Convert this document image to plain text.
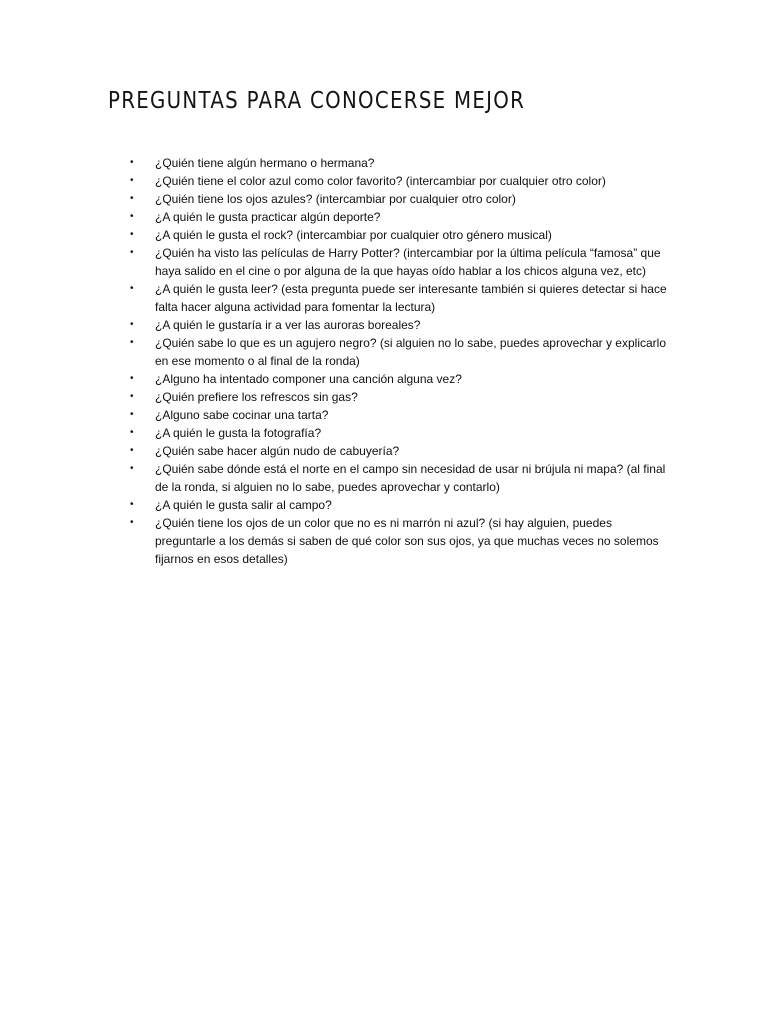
PREGUNTAS PARA CONOCERSE MEJOR
• ¿Quién tiene algún hermano o hermana?
• ¿Quién tiene el color azul como color favorito? (intercambiar por cualquier otro color)
• ¿Quién tiene los ojos azules? (intercambiar por cualquier otro color)
• ¿A quién le gusta practicar algún deporte?
• ¿A quién le gusta el rock? (intercambiar por cualquier otro género musical)
• ¿Quién ha visto las películas de Harry Potter? (intercambiar por la última película “famosa” que haya salido en el cine o por alguna de la que hayas oído hablar a los chicos alguna vez, etc)
• ¿A quién le gusta leer? (esta pregunta puede ser interesante también si quieres detectar si hace falta hacer alguna actividad para fomentar la lectura)
• ¿A quién le gustaría ir a ver las auroras boreales?
• ¿Quién sabe lo que es un agujero negro? (si alguien no lo sabe, puedes aprovechar y explicarlo en ese momento o al final de la ronda)
• ¿Alguno ha intentado componer una canción alguna vez?
• ¿Quién prefiere los refrescos sin gas?
• ¿Alguno sabe cocinar una tarta?
• ¿A quién le gusta la fotografía?
• ¿Quién sabe hacer algún nudo de cabuyería?
• ¿Quién sabe dónde está el norte en el campo sin necesidad de usar ni brújula ni mapa? (al final de la ronda, si alguien no lo sabe, puedes aprovechar y contarlo)
• ¿A quién le gusta salir al campo?
• ¿Quién tiene los ojos de un color que no es ni marrón ni azul? (si hay alguien, puedes preguntarle a los demás si saben de qué color son sus ojos, ya que muchas veces no solemos fijarnos en esos detalles)
